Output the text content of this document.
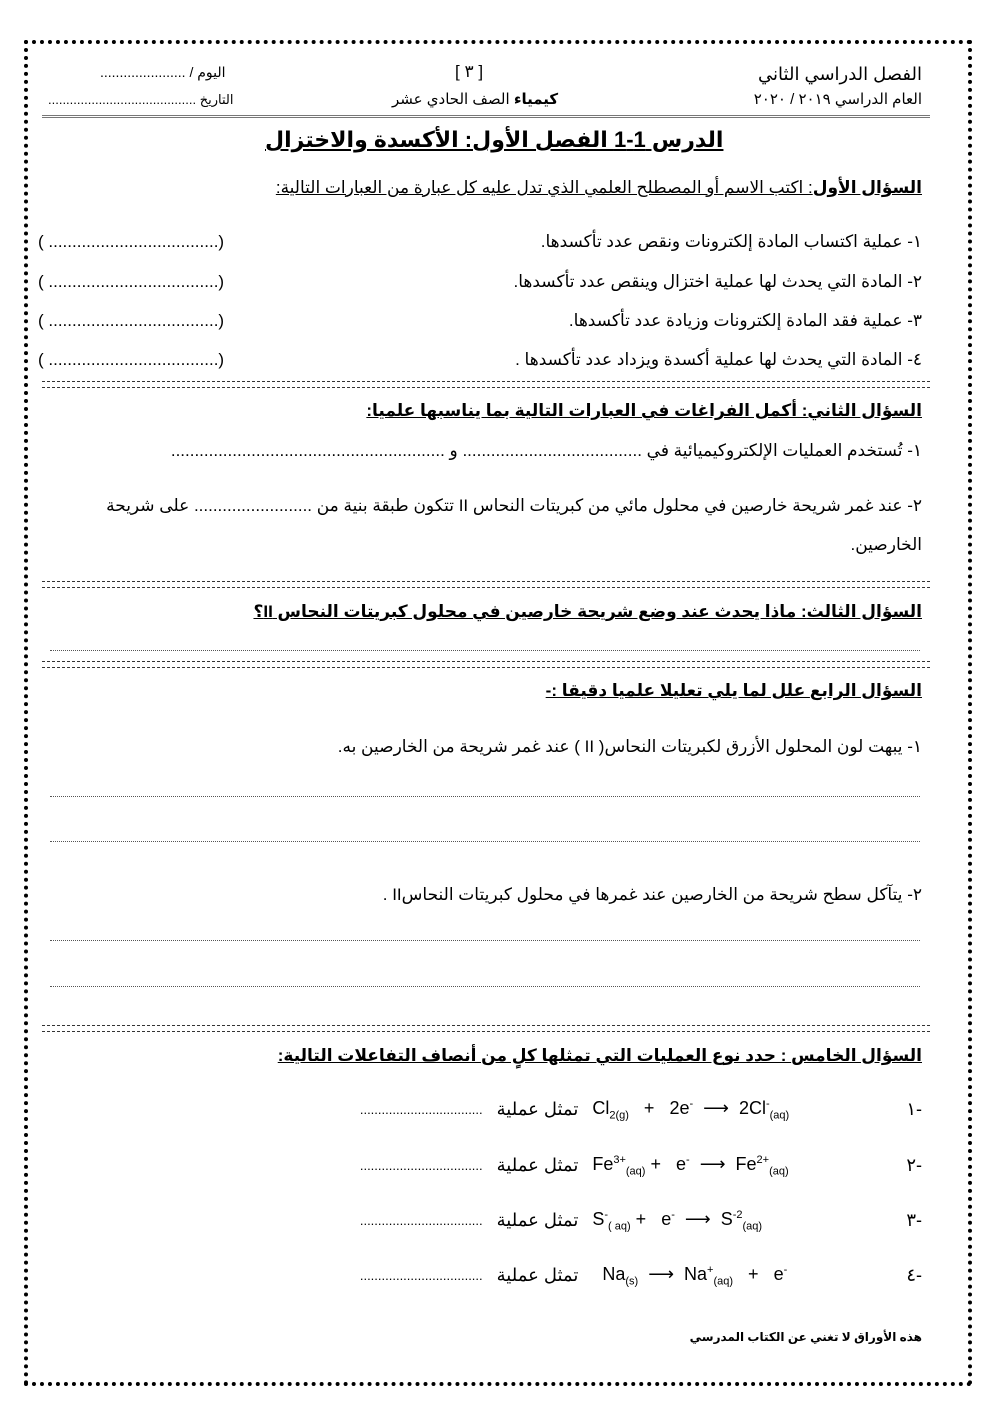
الفصل الدراسي الثاني
[ ٣ ]
اليوم / ......................
العام الدراسي ٢٠١٩ / ٢٠٢٠
كيمياء الصف الحادي عشر
التاريخ .........................................
الدرس 1-1 الفصل الأول: الأكسدة والاختزال
السؤال الأول: اكتب الاسم أو المصطلح العلمي الذي تدل عليه كل عبارة من العبارات التالية:
١- عملية اكتساب المادة إلكترونات ونقص عدد تأكسدها.
٢- المادة التي يحدث لها عملية اختزال وينقص عدد تأكسدها.
٣- عملية فقد المادة إلكترونات وزيادة عدد تأكسدها.
٤- المادة التي يحدث لها عملية أكسدة ويزداد عدد تأكسدها .
(.................................... )
(.................................... )
(.................................... )
(.................................... )
السؤال الثاني: أكمل الفراغات في العبارات التالية بما يناسبها علميا:
١- تُستخدم العمليات الإلكتروكيميائية في ...................................... و ..........................................................
٢- عند غمر شريحة خارصين في محلول مائي من كبريتات النحاس II تتكون طبقة بنية من ......................... على شريحة
الخارصين.
السؤال الثالث: ماذا يحدث عند وضع شريحة خارصين في محلول كبريتات النحاس II؟
السؤال الرابع علل لما يلي تعليلا علميا دقيقا :-
١- يبهت لون المحلول الأزرق لكبريتات النحاس( II ) عند غمر شريحة من الخارصين به.
٢- يتآكل سطح شريحة من الخارصين عند غمرها في محلول كبريتات النحاسII .
السؤال الخامس : حدد نوع العمليات التي تمثلها كلٍ من أنصاف التفاعلات التالية:
-١
$Cl_{2(g)} + 2e^-$ ⟶ $2Cl^-_{(aq)}$
تمثل عملية
..................................
-٢
$Fe^{3+}_{(aq)} + e^-$ ⟶ $Fe^{2+}_{(aq)}$
تمثل عملية
..................................
-٣
$S^-_{( aq)} + e^-$ ⟶ $S^{-2}_{(aq)}$
تمثل عملية
..................................
-٤
$Na_{(s)}$ ⟶ $Na^+_{(aq)} + e^-$
تمثل عملية
..................................
هذه الأوراق لا تغني عن الكتاب المدرسي
